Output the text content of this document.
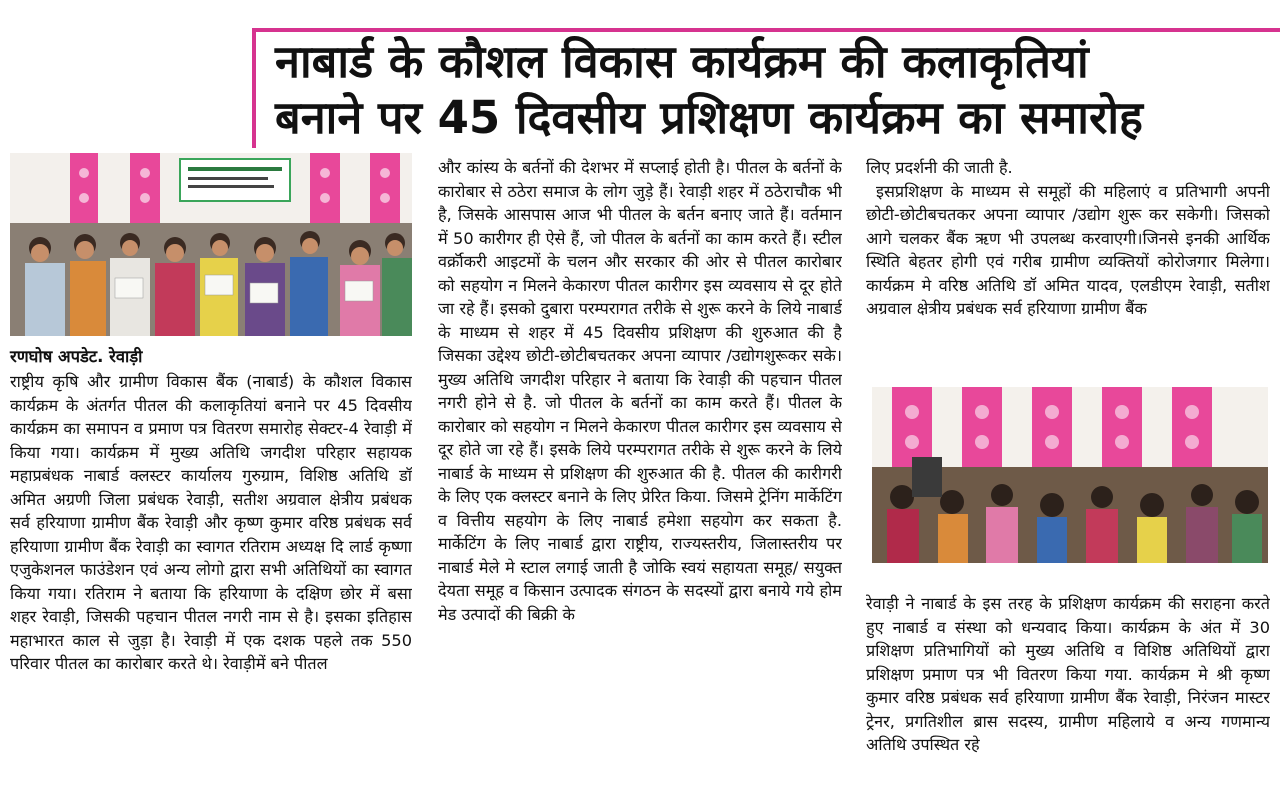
नाबार्ड के कौशल विकास कार्यक्रम की कलाकृतियां
बनाने पर 45 दिवसीय प्रशिक्षण कार्यक्रम का समारोह
रणघोष अपडेट. रेवाड़ी

राष्ट्रीय कृषि और ग्रामीण विकास बैंक (नाबार्ड) के कौशल विकास कार्यक्रम के अंतर्गत पीतल की कलाकृतियां बनाने पर 45 दिवसीय कार्यक्रम का समापन व प्रमाण पत्र वितरण समारोह सेक्टर-4 रेवाड़ी में किया गया। कार्यक्रम में मुख्य अतिथि जगदीश परिहार सहायक महाप्रबंधक नाबार्ड क्लस्टर कार्यालय गुरुग्राम, विशिष्ठ अतिथि डॉ अमित अग्रणी जिला प्रबंधक रेवाड़ी, सतीश अग्रवाल क्षेत्रीय प्रबंधक सर्व हरियाणा ग्रामीण बैंक रेवाड़ी और कृष्ण कुमार वरिष्ठ प्रबंधक सर्व हरियाणा ग्रामीण बैंक रेवाड़ी का स्वागत रतिराम अध्यक्ष दि लार्ड कृष्णा एजुकेशनल फाउंडेशन एवं अन्य लोगो द्वारा सभी अतिथियों का स्वागत किया गया। रतिराम ने बताया कि हरियाणा के दक्षिण छोर में बसा शहर रेवाड़ी, जिसकी पहचान पीतल नगरी नाम से है। इसका इतिहास महाभारत काल से जुड़ा है। रेवाड़ी में एक दशक पहले तक 550 परिवार पीतल का कारोबार करते थे। रेवाड़ीमें बने पीतल

और कांस्य के बर्तनों की देशभर में सप्लाई होती है। पीतल के बर्तनों के कारोबार से ठठेरा समाज के लोग जुड़े हैं। रेवाड़ी शहर में ठठेराचौक भी है, जिसके आसपास आज भी पीतल के बर्तन बनाए जाते हैं। वर्तमान में 50 कारीगर ही ऐसे हैं, जो पीतल के बर्तनों का काम करते हैं। स्टील वर्क्रॉकरी आइटमों के चलन और सरकार की ओर से पीतल कारोबार को सहयोग न मिलने केकारण पीतल कारीगर इस व्यवसाय से दूर होते जा रहे हैं। इसको दुबारा परम्परागत तरीके से शुरू करने के लिये नाबार्ड के माध्यम से शहर में 45 दिवसीय प्रशिक्षण की शुरुआत की है जिसका उद्देश्य छोटी-छोटीबचतकर अपना व्यापार /उद्योगशुरूकर सके। मुख्य अतिथि जगदीश परिहार ने बताया कि रेवाड़ी की पहचान पीतल नगरी होने से है. जो पीतल के बर्तनों का काम करते हैं। पीतल के कारोबार को सहयोग न मिलने केकारण पीतल कारीगर इस व्यवसाय से दूर होते जा रहे हैं। इसके लिये परम्परागत तरीके से शुरू करने के लिये नाबार्ड के माध्यम से प्रशिक्षण की शुरुआत की है. पीतल की कारीगरी के लिए एक क्लस्टर बनाने के लिए प्रेरित किया. जिसमे ट्रेनिंग मार्केटिंग व वित्तीय सहयोग के लिए नाबार्ड हमेशा सहयोग कर सकता है. मार्केटिंग के लिए नाबार्ड द्वारा राष्ट्रीय, राज्यस्तरीय, जिलास्तरीय पर नाबार्ड मेले मे स्टाल लगाई जाती है जोकि स्वयं सहायता समूह/ सयुक्त देयता समूह व किसान उत्पादक संगठन के सदस्यों द्वारा बनाये गये होम मेड उत्पादों की बिक्री के

लिए प्रदर्शनी की जाती है.

इसप्रशिक्षण के माध्यम से समूहों की महिलाएं व प्रतिभागी अपनी छोटी-छोटीबचतकर अपना व्यापार /उद्योग शुरू कर सकेगी। जिसको आगे चलकर बैंक ऋण भी उपलब्ध करवाएगी।जिनसे इनकी आर्थिक स्थिति बेहतर होगी एवं गरीब ग्रामीण व्यक्तियों कोरोजगार मिलेगा। कार्यक्रम मे वरिष्ठ अतिथि डॉ अमित यादव, एलडीएम रेवाड़ी, सतीश अग्रवाल क्षेत्रीय प्रबंधक सर्व हरियाणा ग्रामीण बैंक

रेवाड़ी ने नाबार्ड के इस तरह के प्रशिक्षण कार्यक्रम की सराहना करते हुए नाबार्ड व संस्था को धन्यवाद किया। कार्यक्रम के अंत में 30 प्रशिक्षण प्रतिभागियों को मुख्य अतिथि व विशिष्ठ अतिथियों द्वारा प्रशिक्षण प्रमाण पत्र भी वितरण किया गया. कार्यक्रम मे श्री कृष्ण कुमार वरिष्ठ प्रबंधक सर्व हरियाणा ग्रामीण बैंक रेवाड़ी, निरंजन मास्टर ट्रेनर, प्रगतिशील ब्रास सदस्य, ग्रामीण महिलाये व अन्य गणमान्य अतिथि उपस्थित रहे
